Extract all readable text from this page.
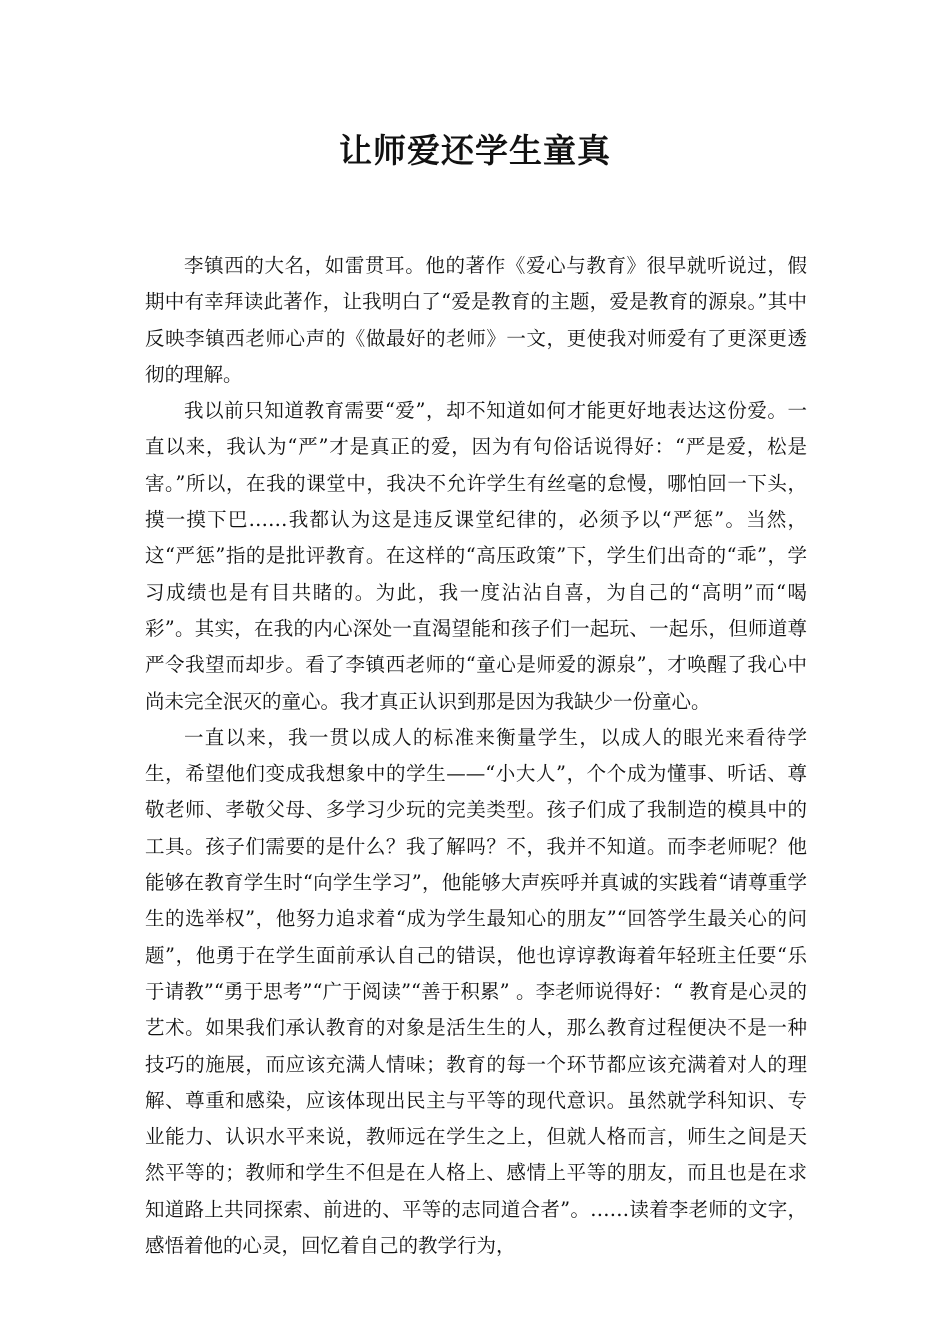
让师爱还学生童真

李镇西的大名，如雷贯耳。他的著作《爱心与教育》很早就听说过，假期中有幸拜读此著作，让我明白了“爱是教育的主题，爱是教育的源泉。”其中反映李镇西老师心声的《做最好的老师》一文，更使我对师爱有了更深更透彻的理解。

我以前只知道教育需要“爱”，却不知道如何才能更好地表达这份爱。一直以来，我认为“严”才是真正的爱，因为有句俗话说得好：“严是爱，松是害。”所以，在我的课堂中，我决不允许学生有丝毫的怠慢，哪怕回一下头，摸一摸下巴……我都认为这是违反课堂纪律的，必须予以“严惩”。当然，这“严惩”指的是批评教育。在这样的“高压政策”下，学生们出奇的“乖”，学习成绩也是有目共睹的。为此，我一度沾沾自喜，为自己的“高明”而“喝彩”。其实，在我的内心深处一直渴望能和孩子们一起玩、一起乐，但师道尊严令我望而却步。看了李镇西老师的“童心是师爱的源泉”，才唤醒了我心中尚未完全泯灭的童心。我才真正认识到那是因为我缺少一份童心。

一直以来，我一贯以成人的标准来衡量学生，以成人的眼光来看待学生，希望他们变成我想象中的学生——“小大人”，个个成为懂事、听话、尊敬老师、孝敬父母、多学习少玩的完美类型。孩子们成了我制造的模具中的工具。孩子们需要的是什么？我了解吗？不，我并不知道。而李老师呢？他能够在教育学生时“向学生学习”，他能够大声疾呼并真诚的实践着“请尊重学生的选举权”，他努力追求着“成为学生最知心的朋友”“回答学生最关心的问题”，他勇于在学生面前承认自己的错误，他也谆谆教诲着年轻班主任要“乐于请教”“勇于思考”“广于阅读”“善于积累” 。李老师说得好：“ 教育是心灵的艺术。如果我们承认教育的对象是活生生的人，那么教育过程便决不是一种技巧的施展，而应该充满人情味；教育的每一个环节都应该充满着对人的理解、尊重和感染，应该体现出民主与平等的现代意识。虽然就学科知识、专业能力、认识水平来说，教师远在学生之上，但就人格而言，师生之间是天然平等的；教师和学生不但是在人格上、感情上平等的朋友，而且也是在求知道路上共同探索、前进的、平等的志同道合者”。……读着李老师的文字，感悟着他的心灵，回忆着自己的教学行为，
